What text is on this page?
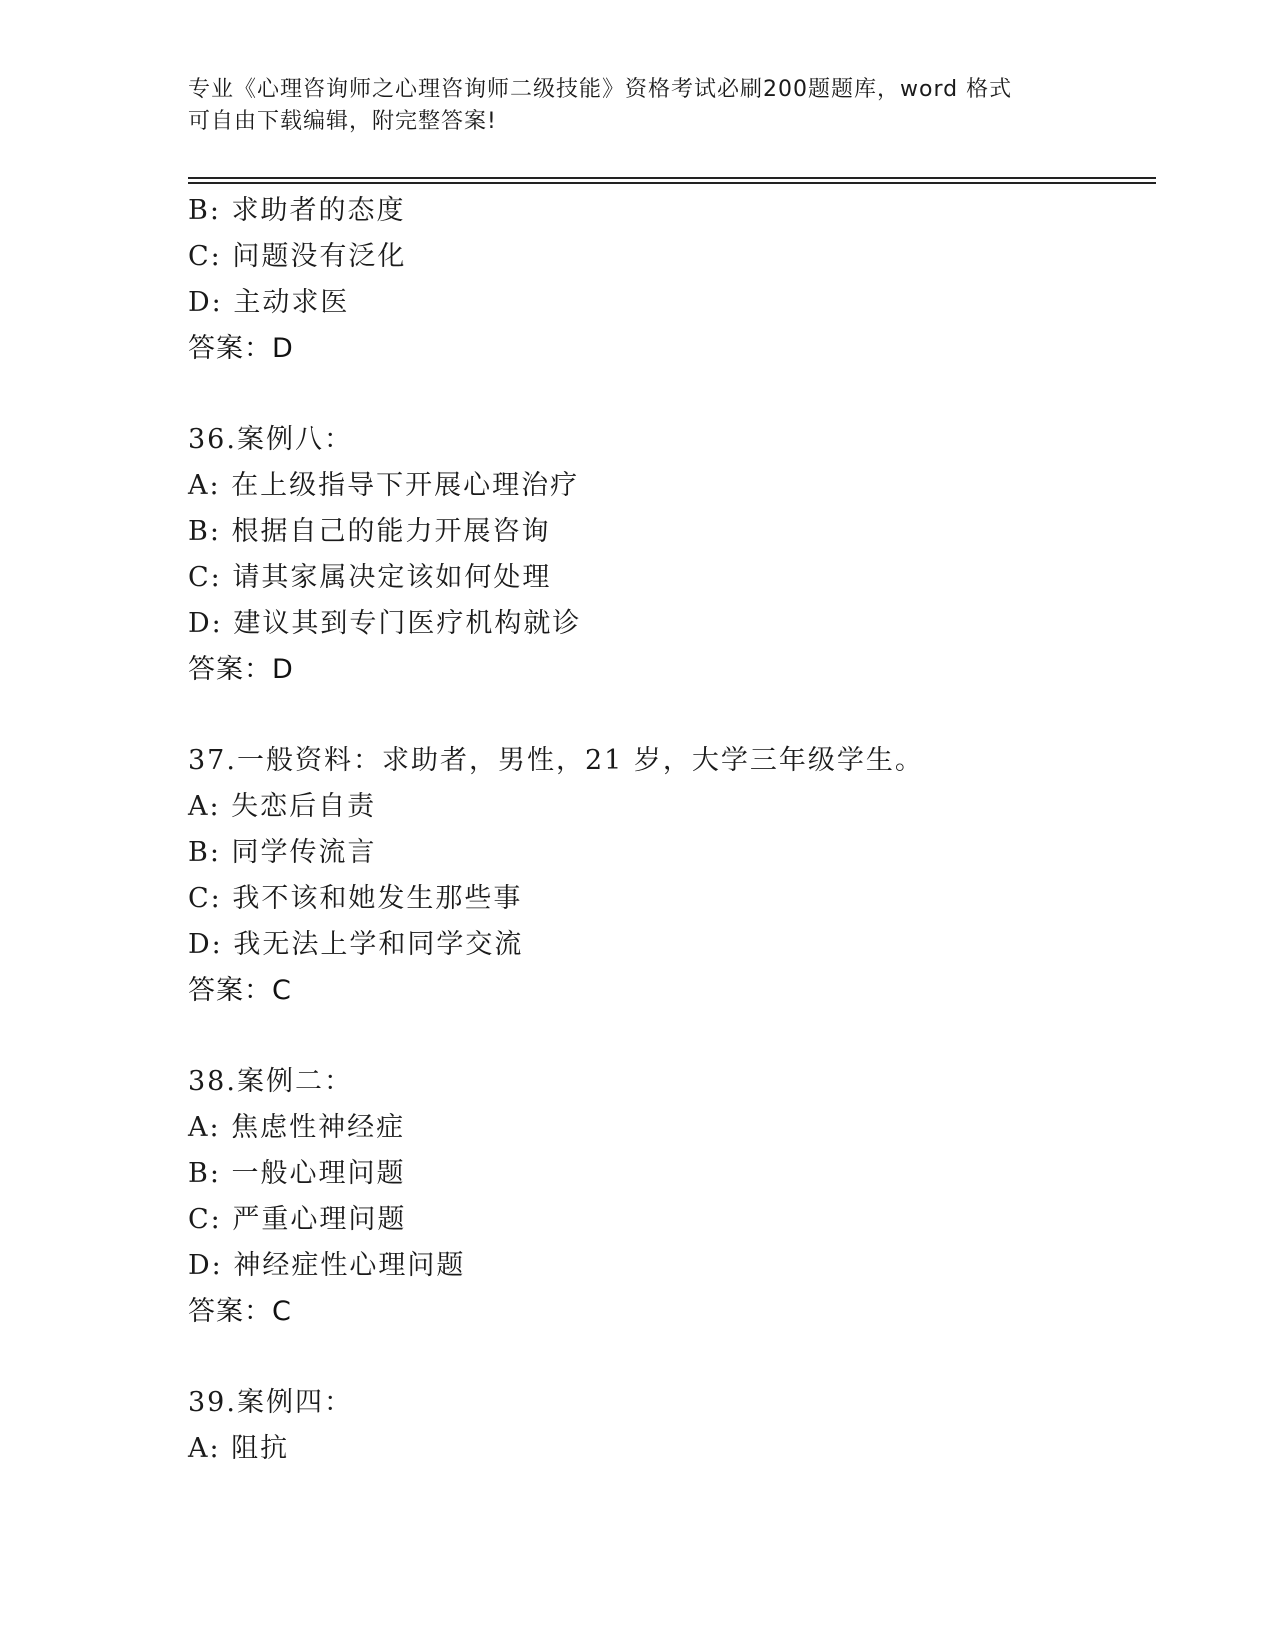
专业《心理咨询师之心理咨询师二级技能》资格考试必刷200题题库，word 格式
可自由下载编辑，附完整答案!
B: 求助者的态度
C: 问题没有泛化
D: 主动求医
答案：D
36.案例八：
A: 在上级指导下开展心理治疗
B: 根据自己的能力开展咨询
C: 请其家属决定该如何处理
D: 建议其到专门医疗机构就诊
答案：D
37.一般资料：求助者，男性，21 岁，大学三年级学生。
A: 失恋后自责
B: 同学传流言
C: 我不该和她发生那些事
D: 我无法上学和同学交流
答案：C
38.案例二：
A: 焦虑性神经症
B: 一般心理问题
C: 严重心理问题
D: 神经症性心理问题
答案：C
39.案例四：
A: 阻抗
